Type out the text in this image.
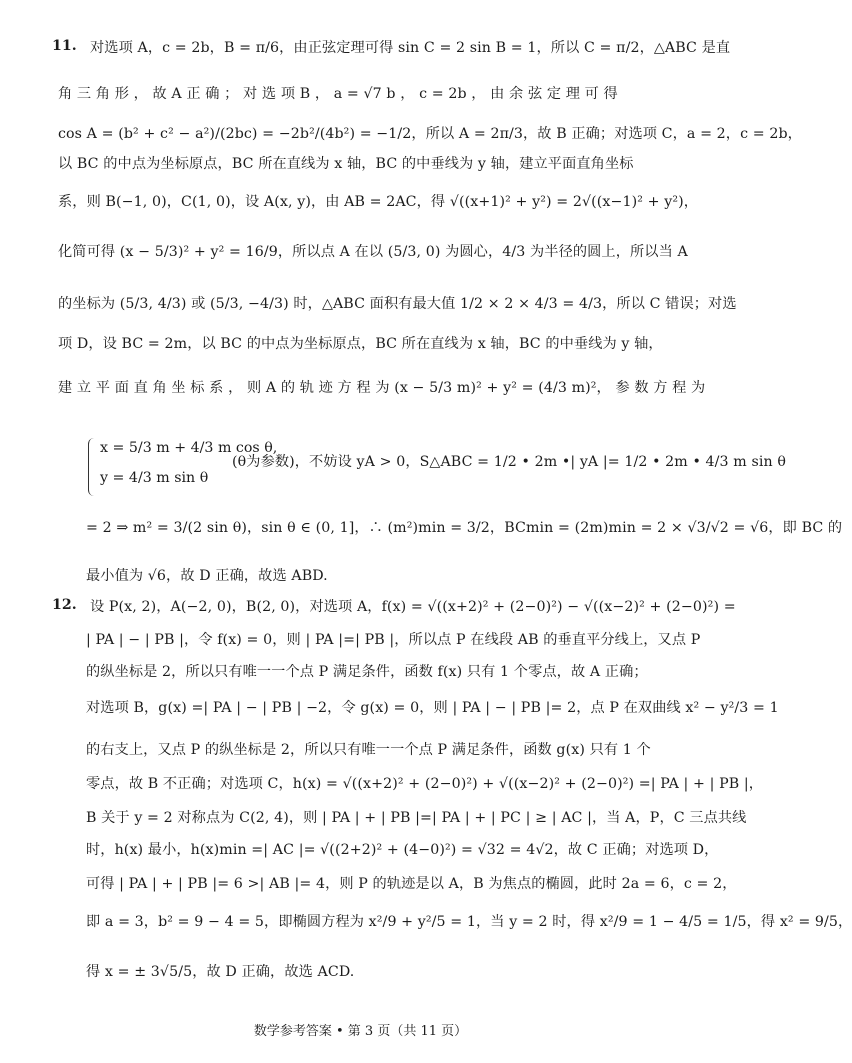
11. 对选项 A，c = 2b，B = π/6，由正弦定理可得 sin C = 2 sin B = 1，所以 C = π/2，△ABC 是直
角 三 角 形 ， 故 A 正 确 ； 对 选 项 B ， a = √7 b ， c = 2b ， 由 余 弦 定 理 可 得
cos A = (b² + c² − a²)/(2bc) = −2b²/(4b²) = −1/2，所以 A = 2π/3，故 B 正确；对选项 C，a = 2，c = 2b，
以 BC 的中点为坐标原点，BC 所在直线为 x 轴，BC 的中垂线为 y 轴，建立平面直角坐标
系，则 B(−1, 0)，C(1, 0)，设 A(x, y)，由 AB = 2AC，得 √((x+1)² + y²) = 2√((x−1)² + y²)，
化简可得 (x − 5/3)² + y² = 16/9，所以点 A 在以 (5/3, 0) 为圆心，4/3 为半径的圆上，所以当 A
的坐标为 (5/3, 4/3) 或 (5/3, −4/3) 时，△ABC 面积有最大值 1/2 × 2 × 4/3 = 4/3，所以 C 错误；对选
项 D，设 BC = 2m，以 BC 的中点为坐标原点，BC 所在直线为 x 轴，BC 的中垂线为 y 轴，
建 立 平 面 直 角 坐 标 系 ， 则 A 的 轨 迹 方 程 为 (x − 5/3 m)² + y² = (4/3 m)²， 参 数 方 程 为
x = 5/3 m + 4/3 m cos θ,
y = 4/3 m sin θ
(θ为参数)，不妨设 yA > 0，S△ABC = 1/2 • 2m •| yA |= 1/2 • 2m • 4/3 m sin θ
= 2 ⇒ m² = 3/(2 sin θ)，sin θ ∈ (0, 1]，∴ (m²)min = 3/2，BCmin = (2m)min = 2 × √3/√2 = √6，即 BC 的
最小值为 √6，故 D 正确，故选 ABD.
12. 设 P(x, 2)，A(−2, 0)，B(2, 0)，对选项 A，f(x) = √((x+2)² + (2−0)²) − √((x−2)² + (2−0)²) =
| PA | − | PB |，令 f(x) = 0，则 | PA |=| PB |，所以点 P 在线段 AB 的垂直平分线上，又点 P
的纵坐标是 2，所以只有唯一一个点 P 满足条件，函数 f(x) 只有 1 个零点，故 A 正确；
对选项 B，g(x) =| PA | − | PB | −2，令 g(x) = 0，则 | PA | − | PB |= 2，点 P 在双曲线 x² − y²/3 = 1
的右支上，又点 P 的纵坐标是 2，所以只有唯一一个点 P 满足条件，函数 g(x) 只有 1 个
零点，故 B 不正确；对选项 C，h(x) = √((x+2)² + (2−0)²) + √((x−2)² + (2−0)²) =| PA | + | PB |，
B 关于 y = 2 对称点为 C(2, 4)，则 | PA | + | PB |=| PA | + | PC | ≥ | AC |，当 A，P，C 三点共线
时，h(x) 最小，h(x)min =| AC |= √((2+2)² + (4−0)²) = √32 = 4√2，故 C 正确；对选项 D，
可得 | PA | + | PB |= 6 >| AB |= 4，则 P 的轨迹是以 A，B 为焦点的椭圆，此时 2a = 6，c = 2，
即 a = 3，b² = 9 − 4 = 5，即椭圆方程为 x²/9 + y²/5 = 1，当 y = 2 时，得 x²/9 = 1 − 4/5 = 1/5，得 x² = 9/5，
得 x = ± 3√5/5，故 D 正确，故选 ACD.
数学参考答案 • 第 3 页（共 11 页）
